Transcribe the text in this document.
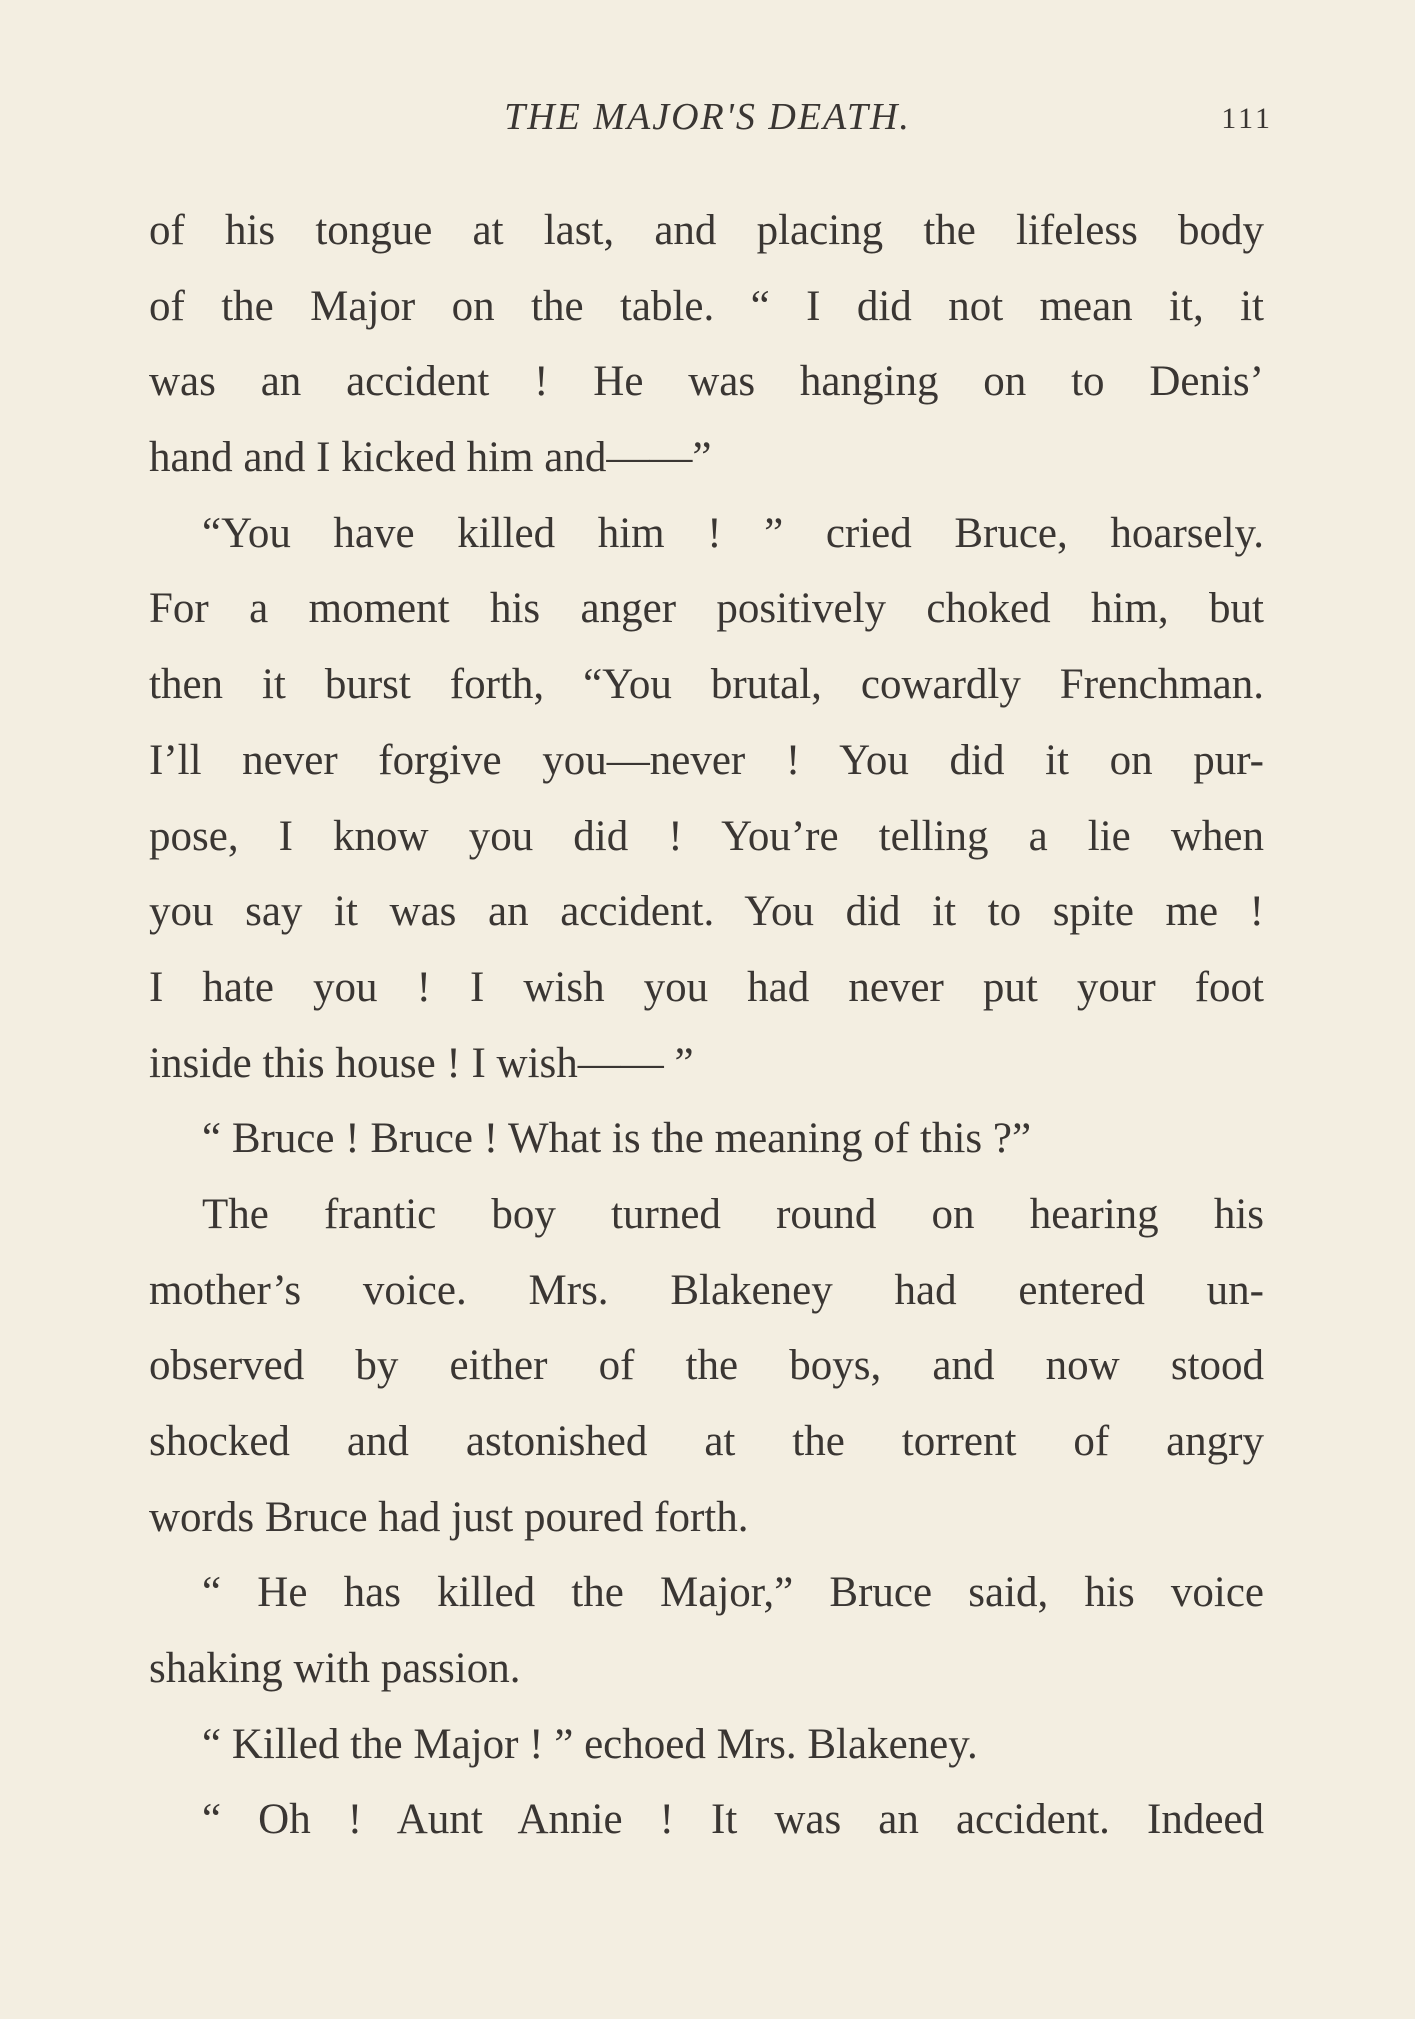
THE MAJOR'S DEATH.	111
of his tongue at last, and placing the lifeless body
of the Major on the table. “ I did not mean it, it
was an accident ! He was hanging on to Denis’
hand and I kicked him and——”
“You have killed him ! ” cried Bruce, hoarsely.
For a moment his anger positively choked him, but
then it burst forth, “You brutal, cowardly Frenchman.
I’ll never forgive you—never ! You did it on pur-
pose, I know you did ! You’re telling a lie when
you say it was an accident. You did it to spite me !
I hate you ! I wish you had never put your foot
inside this house ! I wish—— ”
“ Bruce ! Bruce ! What is the meaning of this ?”
The frantic boy turned round on hearing his
mother’s voice. Mrs. Blakeney had entered un-
observed by either of the boys, and now stood
shocked and astonished at the torrent of angry
words Bruce had just poured forth.
“ He has killed the Major,” Bruce said, his voice
shaking with passion.
“ Killed the Major ! ” echoed Mrs. Blakeney.
“ Oh ! Aunt Annie ! It was an accident. Indeed
